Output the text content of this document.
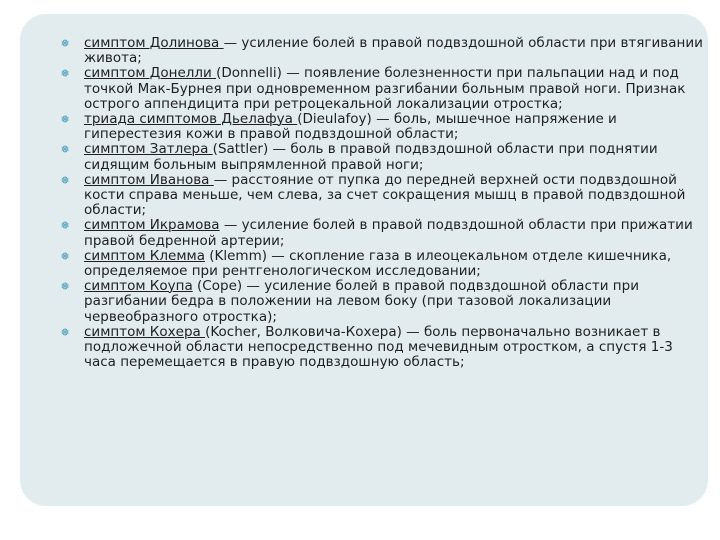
❅ симптом Долинова — усиление болей в правой подвздошной области при втягивании живота;

❅ симптом Донелли (Donnelli) — появление болезненности при пальпации над и под точкой Мак-Бурнея при одновременном разгибании больным правой ноги. Признак острого аппендицита при ретроцекальной локализации отростка;

❅ триада симптомов Дьелафуа (Dieulafoy) — боль, мышечное напряжение и гиперестезия кожи в правой подвздошной области;

❅ симптом Затлера (Sattler) — боль в правой подвздошной области при поднятии сидящим больным выпрямленной правой ноги;

❅ симптом Иванова — расстояние от пупка до передней верхней ости подвздошной кости справа меньше, чем слева, за счет сокращения мышц в правой подвздошной области;

❅ симптом Икрамова — усиление болей в правой подвздошной области при прижатии правой бедренной артерии;

❅ симптом Клемма (Klemm) — скопление газа в илеоцекальном отделе кишечника, определяемое при рентгенологическом исследовании;

❅ симптом Коупа (Соре) — усиление болей в правой подвздошной области при разгибании бедра в положении на левом боку (при тазовой локализации червеобразного отростка);

❅ симптом Кохера (Kocher, Волковича-Кохера) — боль первоначально возникает в подложечной области непосредственно под мечевидным отростком, а спустя 1-3 часа перемещается в правую подвздошную область;
